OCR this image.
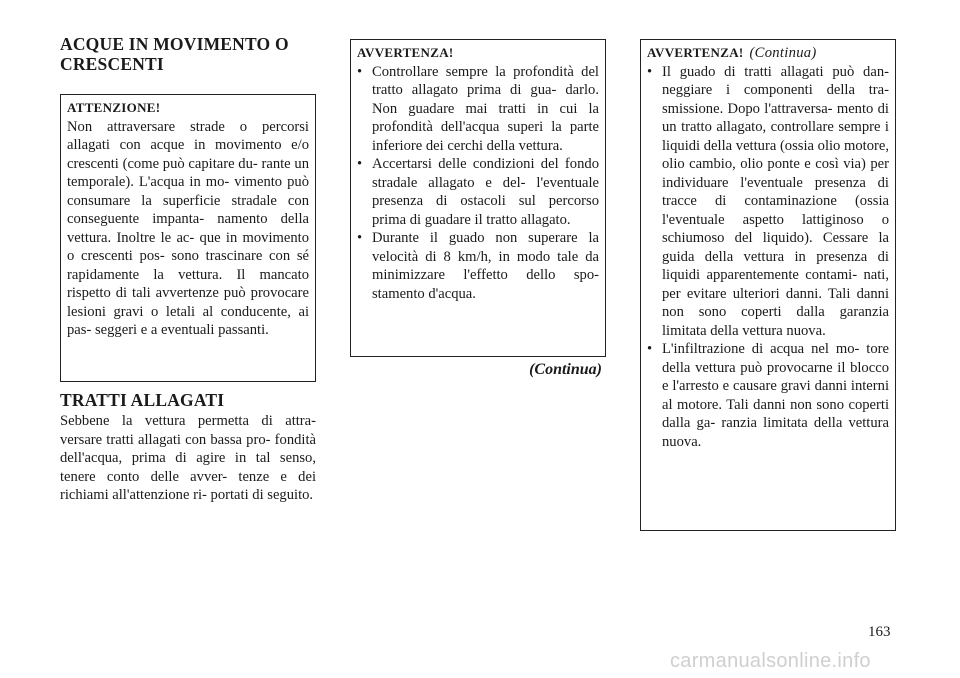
ACQUE IN MOVIMENTO O
CRESCENTI
ATTENZIONE!
Non attraversare strade o percorsi allagati con acque in movimento e/o crescenti (come può capitare du- rante un temporale). L'acqua in mo- vimento può consumare la superficie stradale con conseguente impanta- namento della vettura. Inoltre le ac- que in movimento o crescenti pos- sono trascinare con sé rapidamente la vettura. Il mancato rispetto di tali avvertenze può provocare lesioni gravi o letali al conducente, ai pas- seggeri e a eventuali passanti.
TRATTI ALLAGATI

Sebbene la vettura permetta di attra- versare tratti allagati con bassa pro- fondità dell'acqua, prima di agire in tal senso, tenere conto delle avver- tenze e dei richiami all'attenzione ri- portati di seguito.

AVVERTENZA!
• Controllare sempre la profondità del tratto allagato prima di gua- darlo. Non guadare mai tratti in cui la profondità dell'acqua superi la parte inferiore dei cerchi della vettura.
• Accertarsi delle condizioni del fondo stradale allagato e del- l'eventuale presenza di ostacoli sul percorso prima di guadare il tratto allagato.
• Durante il guado non superare la velocità di 8 km/h, in modo tale da minimizzare l'effetto dello spo- stamento d'acqua.
(Continua)
AVVERTENZA! (Continua)
• Il guado di tratti allagati può dan- neggiare i componenti della tra- smissione. Dopo l'attraversa- mento di un tratto allagato, controllare sempre i liquidi della vettura (ossia olio motore, olio cambio, olio ponte e così via) per individuare l'eventuale presenza di tracce di contaminazione (ossia l'eventuale aspetto lattiginoso o schiumoso del liquido). Cessare la guida della vettura in presenza di liquidi apparentemente contami- nati, per evitare ulteriori danni. Tali danni non sono coperti dalla garanzia limitata della vettura nuova.
• L'infiltrazione di acqua nel mo- tore della vettura può provocarne il blocco e l'arresto e causare gravi danni interni al motore. Tali danni non sono coperti dalla ga- ranzia limitata della vettura nuova.
163
carmanualsonline.info
